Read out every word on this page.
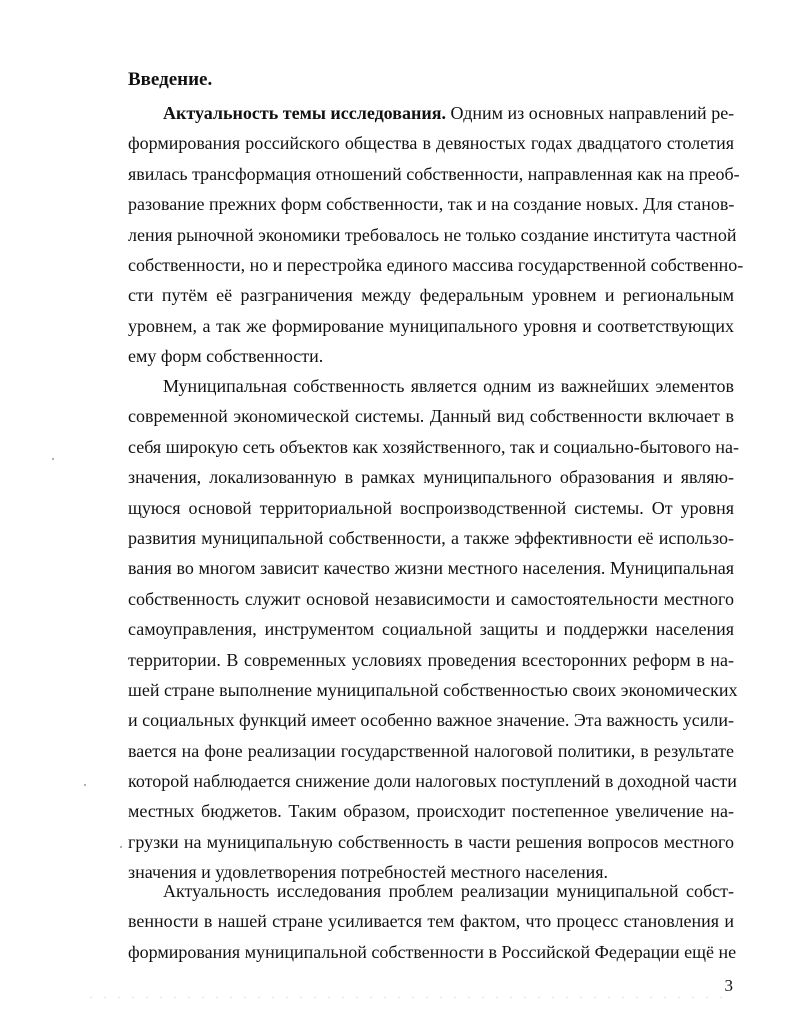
Введение.
Актуальность темы исследования. Одним из основных направлений ре-
формирования российского общества в девяностых годах двадцатого столетия
явилась трансформация отношений собственности, направленная как на преоб-
разование прежних форм собственности, так и на создание новых. Для станов-
ления рыночной экономики требовалось не только создание института частной
собственности, но и перестройка единого массива государственной собственно-
сти путём её разграничения между федеральным уровнем и региональным
уровнем, а так же формирование муниципального уровня и соответствующих
ему форм собственности.
Муниципальная собственность является одним из важнейших элементов
современной экономической системы. Данный вид собственности включает в
себя широкую сеть объектов как хозяйственного, так и социально-бытового на-
значения, локализованную в рамках муниципального образования и являю-
щуюся основой территориальной воспроизводственной системы. От уровня
развития муниципальной собственности, а также эффективности её использо-
вания во многом зависит качество жизни местного населения. Муниципальная
собственность служит основой независимости и самостоятельности местного
самоуправления, инструментом социальной защиты и поддержки населения
территории. В современных условиях проведения всесторонних реформ в на-
шей стране выполнение муниципальной собственностью своих экономических
и социальных функций имеет особенно важное значение. Эта важность усили-
вается на фоне реализации государственной налоговой политики, в результате
которой наблюдается снижение доли налоговых поступлений в доходной части
местных бюджетов. Таким образом, происходит постепенное увеличение на-
грузки на муниципальную собственность в части решения вопросов местного
значения и удовлетворения потребностей местного населения.
Актуальность исследования проблем реализации муниципальной собст-
венности в нашей стране усиливается тем фактом, что процесс становления и
формирования муниципальной собственности в Российской Федерации ещё не

3
